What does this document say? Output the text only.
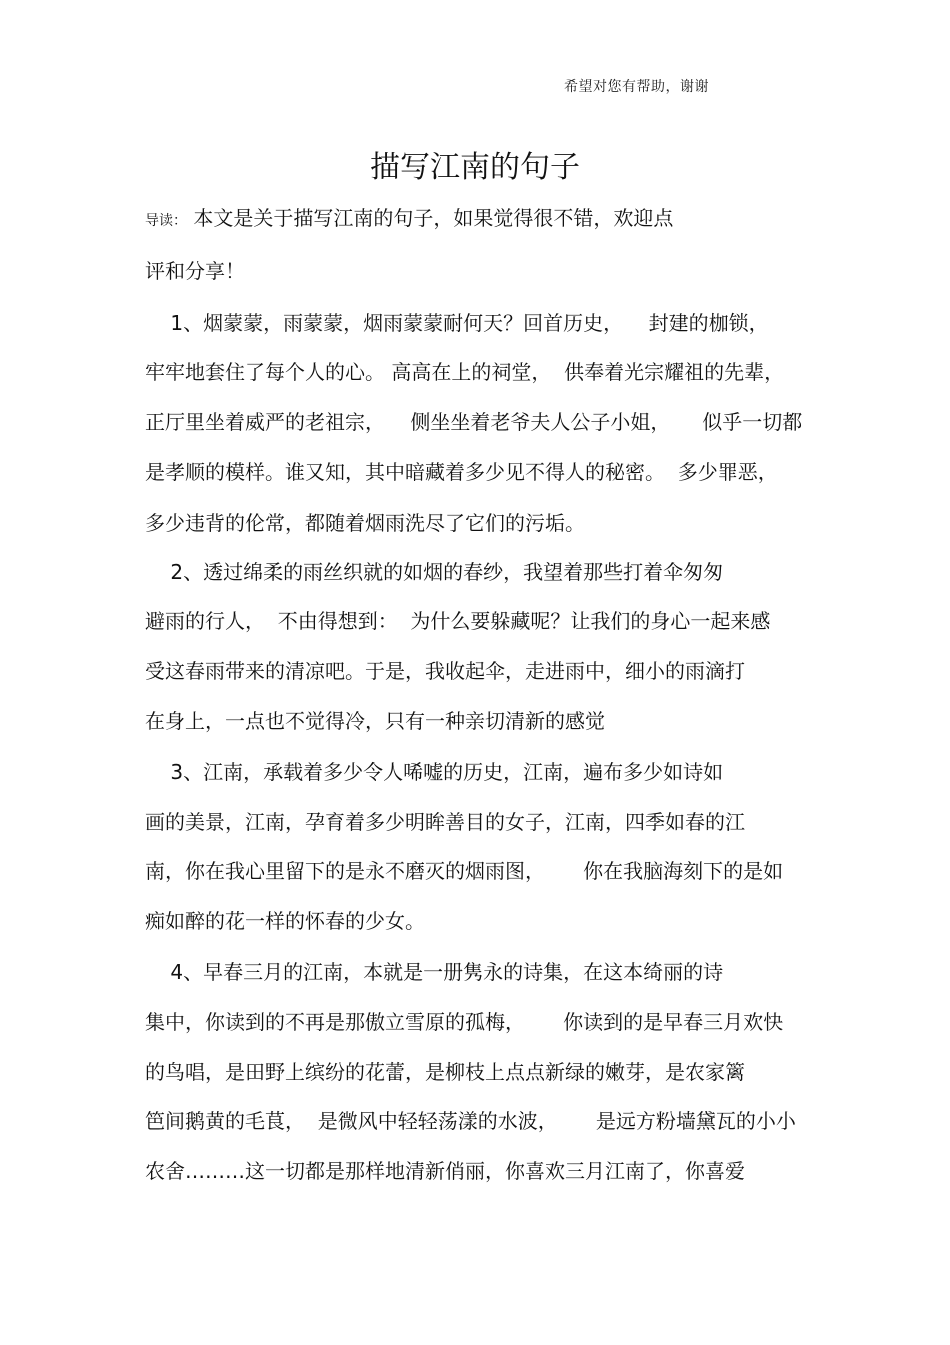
希望对您有帮助，谢谢
描写江南的句子
导读： 本文是关于描写江南的句子，如果觉得很不错，欢迎点
评和分享！
1、烟蒙蒙，雨蒙蒙，烟雨蒙蒙耐何天？回首历史，    封建的枷锁，
牢牢地套住了每个人的心。 高高在上的祠堂，  供奉着光宗耀祖的先辈，
正厅里坐着威严的老祖宗，    侧坐坐着老爷夫人公子小姐，     似乎一切都
是孝顺的模样。谁又知，其中暗藏着多少见不得人的秘密。  多少罪恶，
多少违背的伦常，都随着烟雨洗尽了它们的污垢。
2、透过绵柔的雨丝织就的如烟的春纱，我望着那些打着伞匆匆
避雨的行人，  不由得想到：  为什么要躲藏呢？让我们的身心一起来感
受这春雨带来的清凉吧。于是，我收起伞，走进雨中，细小的雨滴打
在身上，一点也不觉得冷，只有一种亲切清新的感觉
3、江南，承载着多少令人唏嘘的历史，江南，遍布多少如诗如
画的美景，江南，孕育着多少明眸善目的女子，江南，四季如春的江
南，你在我心里留下的是永不磨灭的烟雨图，      你在我脑海刻下的是如
痴如醉的花一样的怀春的少女。
4、早春三月的江南，本就是一册隽永的诗集，在这本绮丽的诗
集中，你读到的不再是那傲立雪原的孤梅，      你读到的是早春三月欢快
的鸟唱，是田野上缤纷的花蕾，是柳枝上点点新绿的嫩芽，是农家篱
笆间鹅黄的毛茛，  是微风中轻轻荡漾的水波，      是远方粉墙黛瓦的小小
农舍………这一切都是那样地清新俏丽，你喜欢三月江南了，你喜爱
